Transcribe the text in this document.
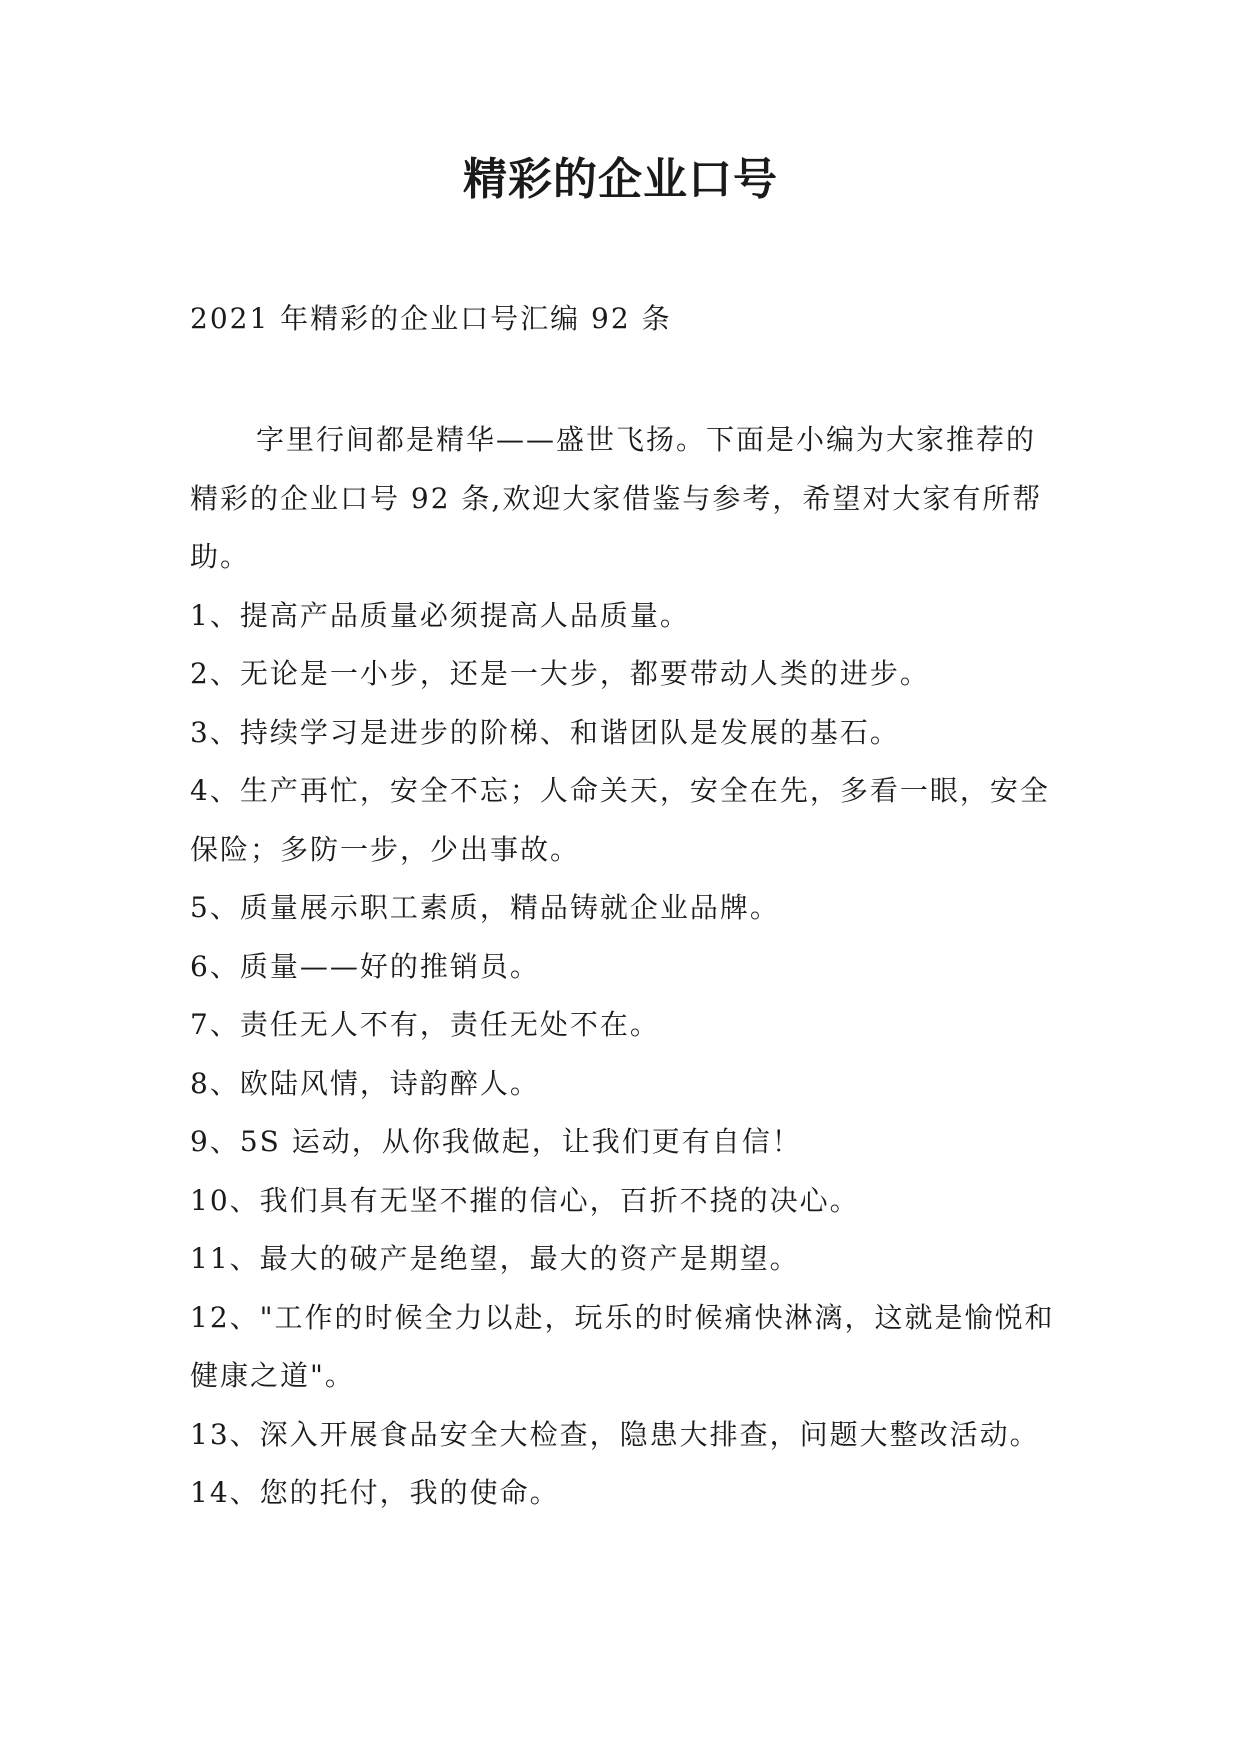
精彩的企业口号
2021 年精彩的企业口号汇编 92 条

字里行间都是精华——盛世飞扬。下面是小编为大家推荐的精彩的企业口号 92 条,欢迎大家借鉴与参考，希望对大家有所帮助。

1、提高产品质量必须提高人品质量。

2、无论是一小步，还是一大步，都要带动人类的进步。

3、持续学习是进步的阶梯、和谐团队是发展的基石。

4、生产再忙，安全不忘；人命关天，安全在先，多看一眼，安全保险；多防一步，少出事故。

5、质量展示职工素质，精品铸就企业品牌。

6、质量——好的推销员。

7、责任无人不有，责任无处不在。

8、欧陆风情，诗韵醉人。

9、5S 运动，从你我做起，让我们更有自信！

10、我们具有无坚不摧的信心，百折不挠的决心。

11、最大的破产是绝望，最大的资产是期望。

12、"工作的时候全力以赴，玩乐的时候痛快淋漓，这就是愉悦和健康之道"。

13、深入开展食品安全大检查，隐患大排查，问题大整改活动。

14、您的托付，我的使命。
